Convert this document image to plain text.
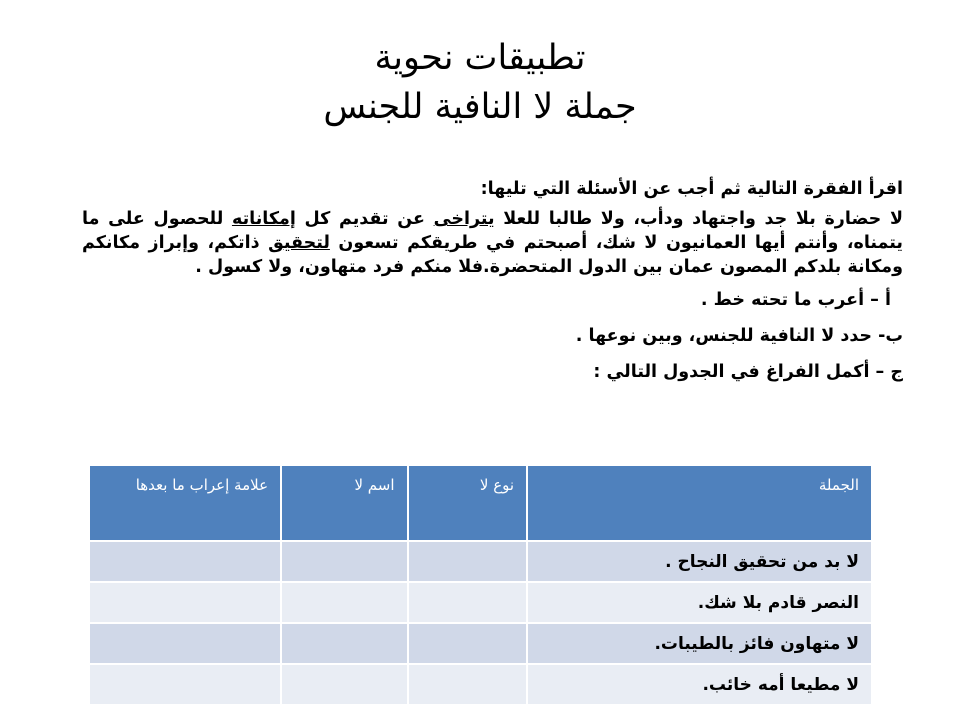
تطبيقات نحوية
جملة لا النافية للجنس

اقرأ الفقرة التالية ثم أجب عن الأسئلة التي تليها:

لا حضارة بلا جد واجتهاد ودأب، ولا طالبا للعلا يتراخى عن تقديم كل إمكاناته للحصول على ما يتمناه، وأنتم أيها العمانيون لا شك، أصبحتم في طريقكم تسعون لتحقيق ذاتكم، وإبراز مكانكم ومكانة بلدكم المصون عمان بين الدول المتحضرة.فلا منكم فرد متهاون، ولا كسول .

أ – أعرب ما تحته خط .

ب- حدد لا النافية للجنس، وبين نوعها .

ج – أكمل الفراغ في الجدول التالي :

الجملة	نوع لا	اسم لا	علامة إعراب ما بعدها
لا بد من تحقيق النجاح .			
النصر قادم بلا شك.			
لا متهاون فائز بالطيبات.			
لا مطيعا أمه خائب.			
